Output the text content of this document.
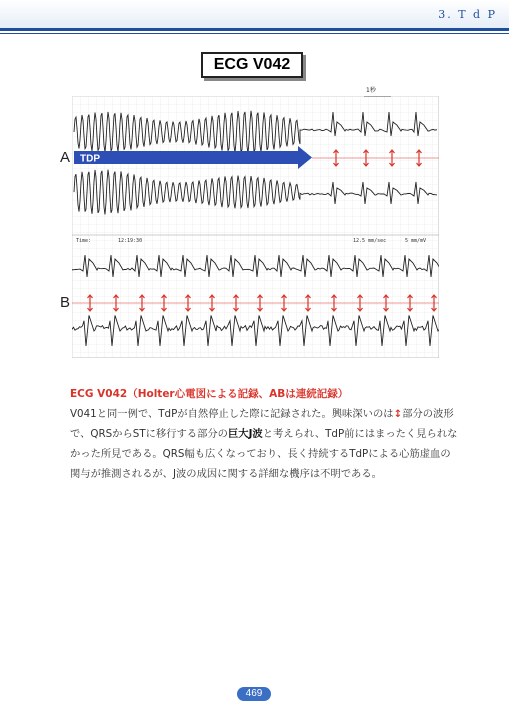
3. T d P
ECG V042
A
B
TDP
Time:	12:19:30	12.5 mm/sec	5 mm/mV
1秒
ECG V042（Holter心電図による記録、ABは連続記録）
V041と同一例で、TdPが自然停止した際に記録された。興味深いのは↕部分の波形
で、QRSからSTに移行する部分の巨大J波と考えられ、TdP前にはまったく見られな
かった所見である。QRS幅も広くなっており、長く持続するTdPによる心筋虚血の
関与が推測されるが、J波の成因に関する詳細な機序は不明である。
469
